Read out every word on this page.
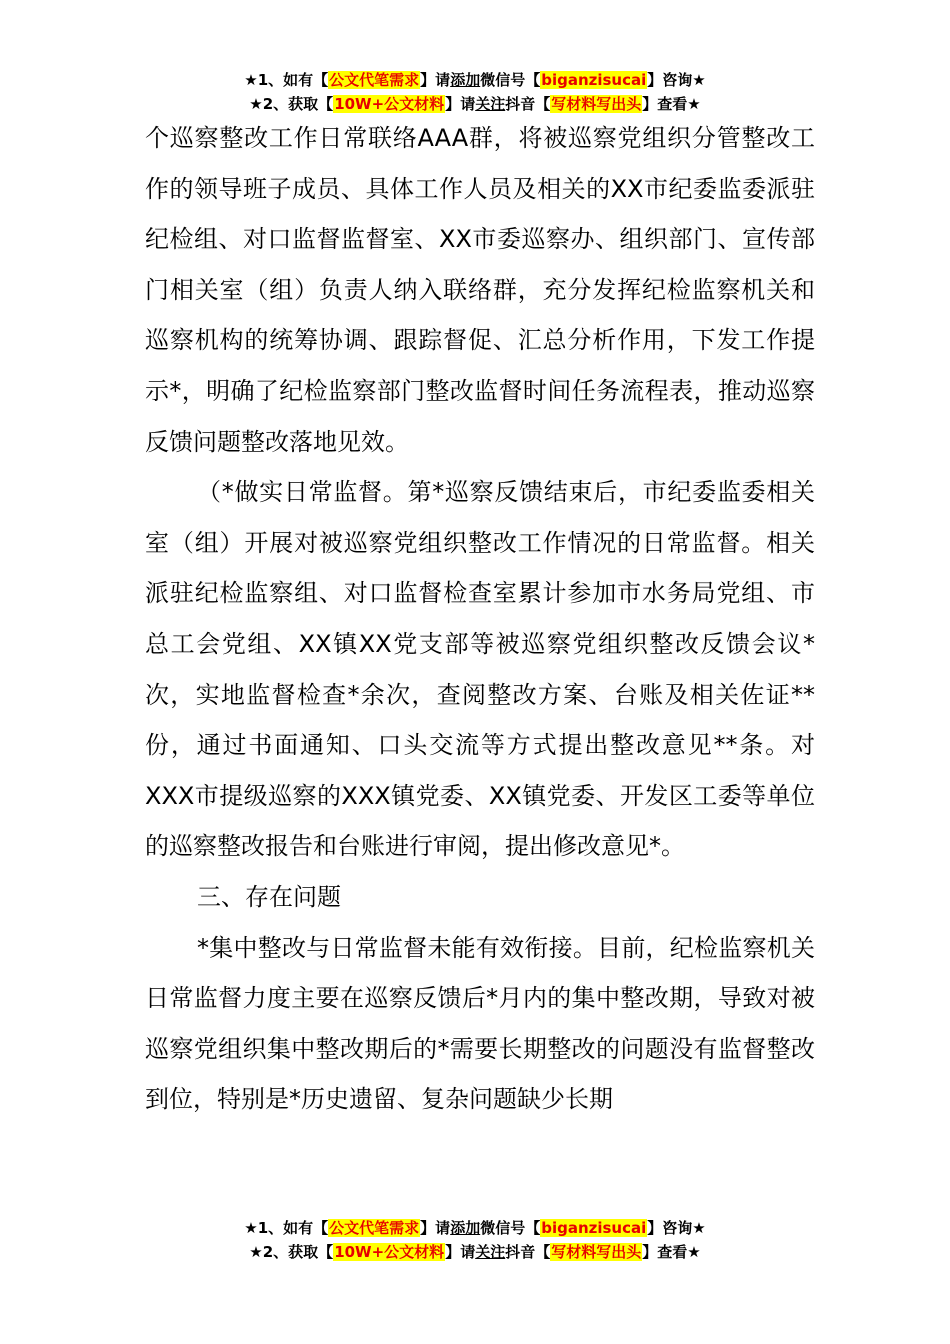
★1、如有【公文代笔需求】请添加微信号【biganzisucai】咨询★
★2、获取【10W+公文材料】请关注抖音【写材料写出头】查看★

个巡察整改工作日常联络AAA群，将被巡察党组织分管整改工作的领导班子成员、具体工作人员及相关的XX市纪委监委派驻纪检组、对口监督监督室、XX市委巡察办、组织部门、宣传部门相关室（组）负责人纳入联络群，充分发挥纪检监察机关和巡察机构的统筹协调、跟踪督促、汇总分析作用，下发工作提示*，明确了纪检监察部门整改监督时间任务流程表，推动巡察反馈问题整改落地见效。

（*做实日常监督。第*巡察反馈结束后，市纪委监委相关室（组）开展对被巡察党组织整改工作情况的日常监督。相关派驻纪检监察组、对口监督检查室累计参加市水务局党组、市总工会党组、XX镇XX党支部等被巡察党组织整改反馈会议*次，实地监督检查*余次，查阅整改方案、台账及相关佐证**份，通过书面通知、口头交流等方式提出整改意见**条。对XXX市提级巡察的XXX镇党委、XX镇党委、开发区工委等单位的巡察整改报告和台账进行审阅，提出修改意见*。

三、存在问题

*集中整改与日常监督未能有效衔接。目前，纪检监察机关日常监督力度主要在巡察反馈后*月内的集中整改期，导致对被巡察党组织集中整改期后的*需要长期整改的问题没有监督整改到位，特别是*历史遗留、复杂问题缺少长期

★1、如有【公文代笔需求】请添加微信号【biganzisucai】咨询★
★2、获取【10W+公文材料】请关注抖音【写材料写出头】查看★
